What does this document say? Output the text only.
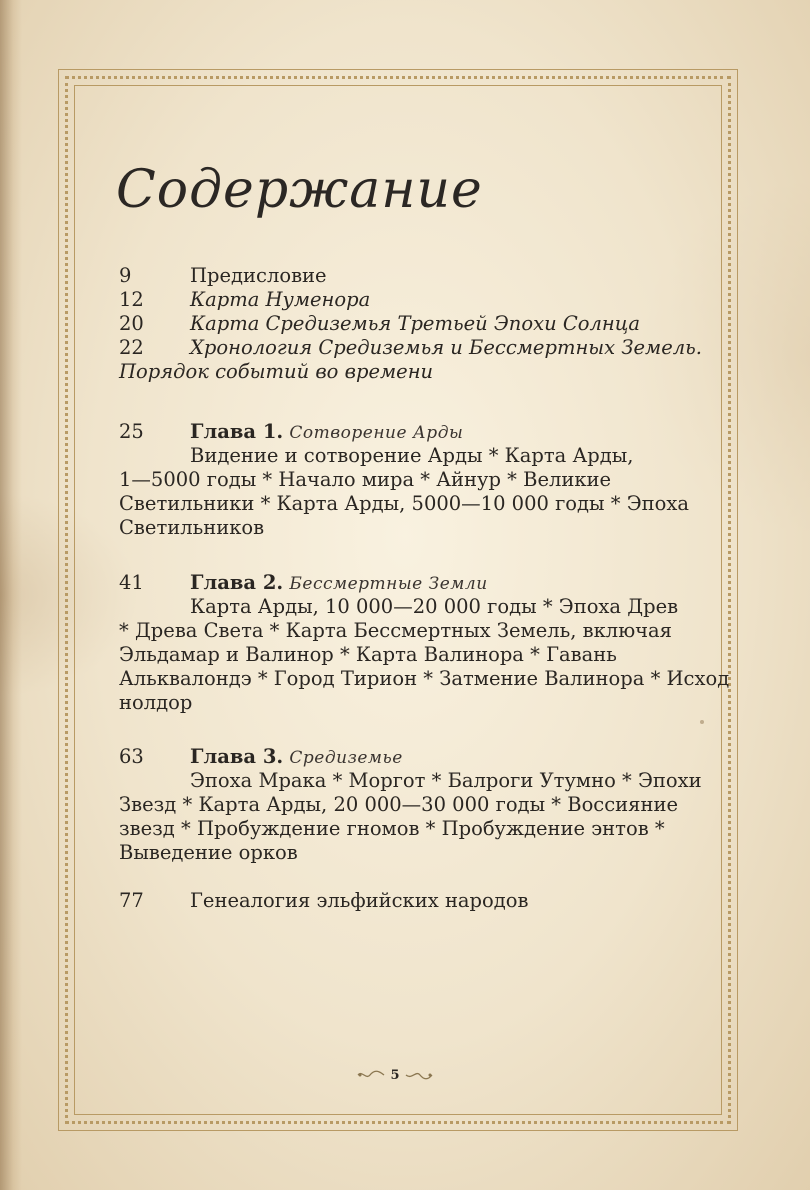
Содержание
9	Предисловие
12 Карта Нуменора
20 Карта Средиземья Третьей Эпохи Солнца
22 Хронология Средиземья и Бессмертных Земель.
Порядок событий во времени
25 Глава 1. Сотворение Арды
Видение и сотворение Арды * Карта Арды,
1—5000 годы * Начало мира * Айнур * Великие
Светильники * Карта Арды, 5000—10 000 годы * Эпоха
Светильников
41 Глава 2. Бессмертные Земли
Карта Арды, 10 000—20 000 годы * Эпоха Древ
* Древа Света * Карта Бессмертных Земель, включая
Эльдамар и Валинор * Карта Валинора * Гавань
Альквалондэ * Город Тирион * Затмение Валинора * Исход
нолдор
63 Глава 3. Средиземье
Эпоха Мрака * Моргот * Балроги Утумно * Эпохи
Звезд * Карта Арды, 20 000—30 000 годы * Воссияние
звезд * Пробуждение гномов * Пробуждение энтов *
Выведение орков
77 Генеалогия эльфийских народов
5
